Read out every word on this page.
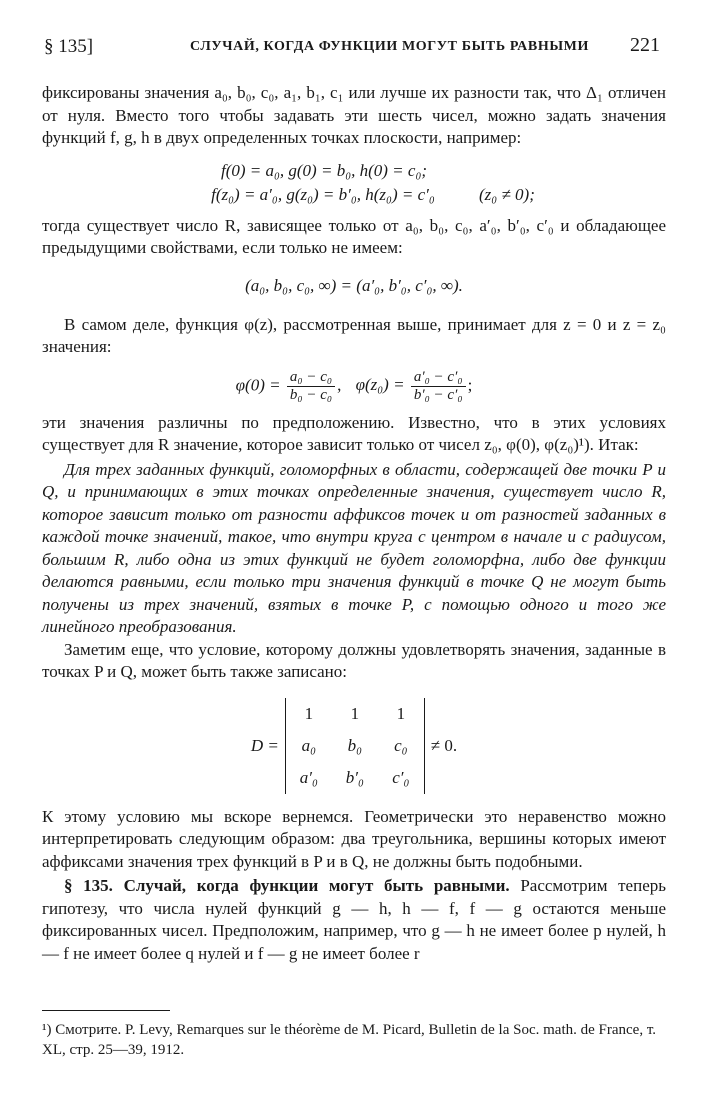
§ 135]	СЛУЧАЙ, КОГДА ФУНКЦИИ МОГУТ БЫТЬ РАВНЫМИ 221

фиксированы значения a₀, b₀, c₀, a₁, b₁, c₁ или лучше их разности так, что Δ₁ отличен от нуля. Вместо того чтобы задавать эти шесть чисел, можно задать значения функций f, g, h в двух определенных точках плоскости, например:

f(0) = a₀, g(0) = b₀, h(0) = c₀;
f(z₀) = a′₀, g(z₀) = b′₀, h(z₀) = c′₀	(z₀ ≠ 0);

тогда существует число R, зависящее только от a₀, b₀, c₀, a′₀, b′₀, c′₀ и обладающее предыдущими свойствами, если только не имеем:

(a₀, b₀, c₀, ∞) = (a′₀, b′₀, c′₀, ∞).

В самом деле, функция φ(z), рассмотренная выше, принимает для z = 0 и z = z₀ значения:

$\varphi(0) = \frac{\text{a₀ − c₀}}{\text{b₀ − c₀}}$ , $\varphi(z_0) = \frac{\text{a′₀ − c′₀}}{\text{b′₀ − c′₀}}$ ;

эти значения различны по предположению. Известно, что в этих условиях существует для R значение, которое зависит только от чисел z₀, φ(0), φ(z₀)¹). Итак:

Для трех заданных функций, голоморфных в области, содержащей две точки P и Q, и принимающих в этих точках определенные значения, существует число R, которое зависит только от разности аффиксов точек и от разностей заданных в каждой точке значений, такое, что внутри круга с центром в начале и с радиусом, большим R, либо одна из этих функций не будет голоморфна, либо две функции делаются равными, если только три значения функций в точке Q не могут быть получены из трех значений, взятых в точке P, с помощью одного и того же линейного преобразования.

Заметим еще, что условие, которому должны удовлетворять значения, заданные в точках P и Q, может быть также записано:

D =
1	1	1
a₀	b₀	c₀
a′₀	b′₀	c′₀
≠ 0.

К этому условию мы вскоре вернемся. Геометрически это неравенство можно интерпретировать следующим образом: два треугольника, вершины которых имеют аффиксами значения трех функций в P и в Q, не должны быть подобными.

§ 135. Случай, когда функции могут быть равными. Рассмотрим теперь гипотезу, что числа нулей функций g — h, h — f, f — g остаются меньше фиксированных чисел. Предположим, например, что g — h не имеет более p нулей, h — f не имеет более q нулей и f — g не имеет более r

¹) Смотрите. P. Levy, Remarques sur le théorème de M. Picard, Bulletin de la Soc. math. de France, т. XL, стр. 25—39, 1912.
